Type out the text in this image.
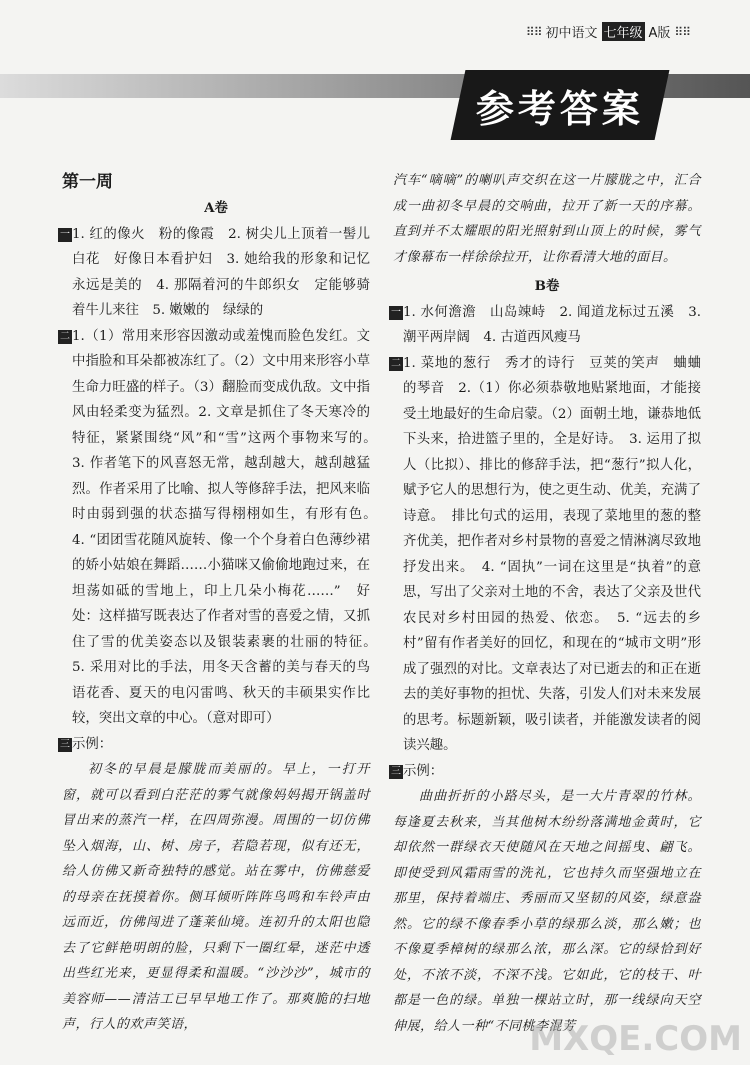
⠿⠿ 初中语文 七年级 A版 ⠿⠿
参考答案

第一周

A卷

一 1. 红的像火　粉的像霞　2. 树尖儿上顶着一髻儿白花　好像日本看护妇　3. 她给我的形象和记忆永远是美的　4. 那隔着河的牛郎织女　定能够骑着牛儿来往　5. 嫩嫩的　绿绿的

二 1.（1）常用来形容因激动或羞愧而脸色发红。文中指脸和耳朵都被冻红了。（2）文中用来形容小草生命力旺盛的样子。（3）翻脸而变成仇敌。文中指风由轻柔变为猛烈。2. 文章是抓住了冬天寒冷的特征，紧紧围绕“风”和“雪”这两个事物来写的。　3. 作者笔下的风喜怒无常，越刮越大，越刮越猛烈。作者采用了比喻、拟人等修辞手法，把风来临时由弱到强的状态描写得栩栩如生，有形有色。　4. “团团雪花随风旋转、像一个个身着白色薄纱裙的娇小姑娘在舞蹈……小猫咪又偷偷地跑过来，在坦荡如砥的雪地上，印上几朵小梅花……”　好处：这样描写既表达了作者对雪的喜爱之情，又抓住了雪的优美姿态以及银装素裹的壮丽的特征。　5. 采用对比的手法，用冬天含蓄的美与春天的鸟语花香、夏天的电闪雷鸣、秋天的丰硕果实作比较，突出文章的中心。（意对即可）

三 示例：

初冬的早晨是朦胧而美丽的。早上，一打开窗，就可以看到白茫茫的雾气就像妈妈揭开锅盖时冒出来的蒸汽一样，在四周弥漫。周围的一切仿佛坠入烟海，山、树、房子，若隐若现，似有还无，给人仿佛又新奇独特的感觉。站在雾中，仿佛慈爱的母亲在抚摸着你。侧耳倾听阵阵鸟鸣和车铃声由远而近，仿佛闯进了蓬莱仙境。连初升的太阳也隐去了它鲜艳明朗的脸，只剩下一圈红晕，迷茫中透出些红光来，更显得柔和温暖。“沙沙沙”，城市的美容师——清洁工已早早地工作了。那爽脆的扫地声，行人的欢声笑语，

汽车“嘀嘀”的喇叭声交织在这一片朦胧之中，汇合成一曲初冬早晨的交响曲，拉开了新一天的序幕。直到并不太耀眼的阳光照射到山顶上的时候，雾气才像幕布一样徐徐拉开，让你看清大地的面目。

B卷

一 1. 水何澹澹　山岛竦峙　2. 闻道龙标过五溪　3. 潮平两岸阔　4. 古道西风瘦马

二 1. 菜地的葱行　秀才的诗行　豆荚的笑声　蛐蛐的琴音　2.（1）你必须恭敬地贴紧地面，才能接受土地最好的生命启蒙。（2）面朝土地，谦恭地低下头来，拾进篮子里的，全是好诗。　3. 运用了拟人（比拟）、排比的修辞手法，把“葱行”拟人化，赋予它人的思想行为，使之更生动、优美，充满了诗意。　排比句式的运用，表现了菜地里的葱的整齐优美，把作者对乡村景物的喜爱之情淋漓尽致地抒发出来。　4. “固执”一词在这里是“执着”的意思，写出了父亲对土地的不舍，表达了父亲及世代农民对乡村田园的热爱、依恋。　5. “远去的乡村”留有作者美好的回忆，和现在的“城市文明”形成了强烈的对比。文章表达了对已逝去的和正在逝去的美好事物的担忧、失落，引发人们对未来发展的思考。标题新颖，吸引读者，并能激发读者的阅读兴趣。

三 示例：

曲曲折折的小路尽头，是一大片青翠的竹林。每逢夏去秋来，当其他树木纷纷落满地金黄时，它却依然一群绿衣天使随风在天地之间摇曳、翩飞。即使受到风霜雨雪的洗礼，它也持久而坚强地立在那里，保持着端庄、秀丽而又坚韧的风姿，绿意盎然。它的绿不像春季小草的绿那么淡，那么嫩；也不像夏季樟树的绿那么浓，那么深。它的绿恰到好处，不浓不淡，不深不浅。它如此，它的枝干、叶都是一色的绿。单独一棵站立时，那一线绿向天空伸展，给人一种“不同桃李混芳

MXQE.COM
